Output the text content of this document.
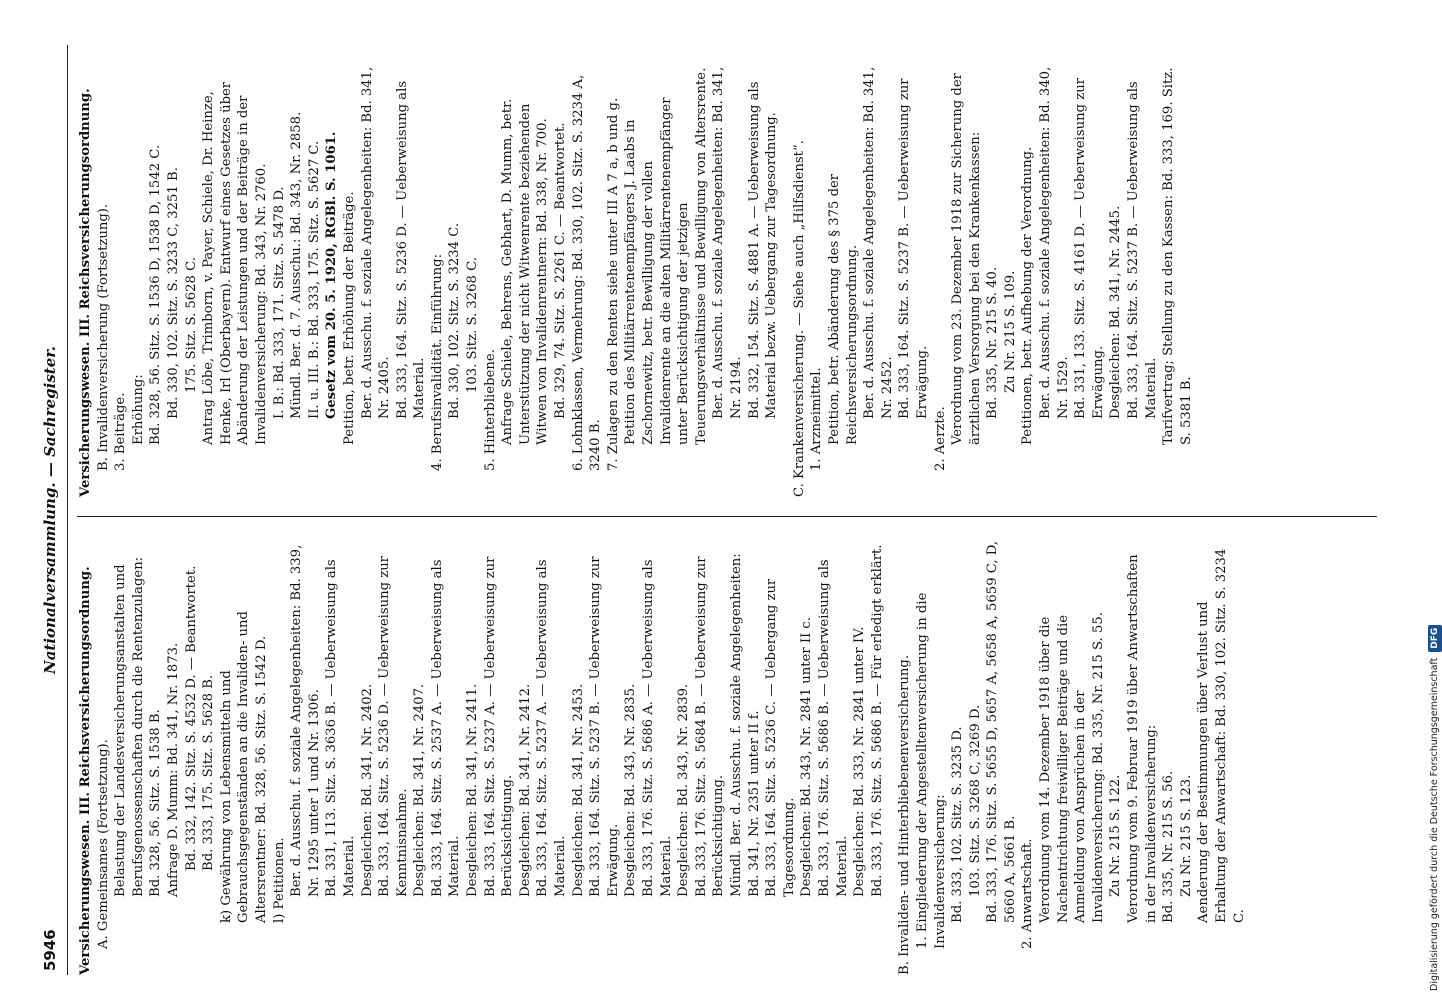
5946
Nationalversammlung. — Sachregister.
Versicherungswesen. III. Reichsversicherungsordnung. A. Gemeinsames (Fortsetzung). Belastung der Landesversicherungsanstalten und Berufsgenossenschaften durch die Rentenzulagen: Bd. 328, 56. Sitz. S. 1538 B. Anfrage D. Mumm: Bd. 341, Nr. 1873. Bd. 332, 142. Sitz. S. 4532 D. — Beantwortet. Bd. 333, 175. Sitz. S. 5628 B. k) Gewährung von Lebensmitteln und Gebrauchsgegenständen an die Invaliden- und Altersrentner: Bd. 328, 56. Sitz. S. 1542 D. l) Petitionen. Ber. d. Ausschu. f. soziale Angelegenheiten: Bd. 339, Nr. 1295 unter 1 und Nr. 1306. Bd. 331, 113. Sitz. S. 3636 B. — Ueberweisung als Material. Desgleichen: Bd. 341, Nr. 2402. Bd. 333, 164. Sitz. S. 5236 D. — Ueberweisung zur Kenntnisnahme. Desgleichen: Bd. 341, Nr. 2407. Bd. 333, 164. Sitz. S. 2537 A. — Ueberweisung als Material. Desgleichen: Bd. 341, Nr. 2411. Bd. 333, 164. Sitz. S. 5237 A. — Ueberweisung zur Berücksichtigung. Desgleichen: Bd. 341, Nr. 2412. Bd. 333, 164. Sitz. S. 5237 A. — Ueberweisung als Material. Desgleichen: Bd. 341, Nr. 2453. Bd. 333, 164. Sitz. S. 5237 B. — Ueberweisung zur Erwägung. Desgleichen: Bd. 343, Nr. 2835. Bd. 333, 176. Sitz. S. 5686 A. — Ueberweisung als Material. Desgleichen: Bd. 343, Nr. 2839. Bd. 333, 176. Sitz. S. 5684 B. — Ueberweisung zur Berücksichtigung. Mündl. Ber. d. Ausschu. f. soziale Angelegenheiten: Bd. 341, Nr. 2351 unter II f. Bd. 333, 164. Sitz. S. 5236 C. — Uebergang zur Tagesordnung. Desgleichen: Bd. 343, Nr. 2841 unter II c. Bd. 333, 176. Sitz. S. 5686 B. — Ueberweisung als Material. Desgleichen: Bd. 333, Nr. 2841 unter IV. Bd. 333, 176. Sitz. S. 5686 B. — Für erledigt erklärt. B. Invaliden- und Hinterbliebenenversicherung. 1. Eingliederung der Angestelltenversicherung in die Invalidenversicherung: Bd. 333, 102. Sitz. S. 3235 D. 103. Sitz. S. 3268 C, 3269 D. Bd. 333, 176. Sitz. S. 5655 D, 5657 A, 5658 A, 5659 C, D, 5660 A, 5661 B. 2. Anwartschaft. Verordnung vom 14. Dezember 1918 über die Nachentrichtung freiwilliger Beiträge und die Anmeldung von Ansprüchen in der Invalidenversicherung: Bd. 335, Nr. 215 S. 55. Zu Nr. 215 S. 122. Verordnung vom 9. Februar 1919 über Anwartschaften in der Invalidenversicherung: Bd. 335, Nr. 215 S. 56. Zu Nr. 215 S. 123. Aenderung der Bestimmungen über Verlust und Erhaltung der Anwartschaft: Bd. 330, 102. Sitz. S. 3234 C.
Versicherungswesen. III. Reichsversicherungsordnung. B. Invalidenversicherung (Fortsetzung). 3. Beiträge. Erhöhung: Bd. 328, 56. Sitz. S. 1536 D, 1538 D, 1542 C. Bd. 330, 102. Sitz. S. 3233 C, 3251 B. 175. Sitz. S. 5628 C. Antrag Löbe, Trimborn, v. Payer, Schiele, Dr. Heinze, Henke, Irl (Oberbayern). Entwurf eines Gesetzes über Abänderung der Leistungen und der Beiträge in der Invalidenversicherung: Bd. 343, Nr. 2760. I. B.: Bd. 333, 171. Sitz. S. 5478 D. Mündl. Ber. d. 7. Ausschu.: Bd. 343, Nr. 2858. II. u. III. B.: Bd. 333, 175. Sitz. S. 5627 C. Gesetz vom 20. 5. 1920, RGBl. S. 1061. Petition, betr. Erhöhung der Beiträge. Ber. d. Ausschu. f. soziale Angelegenheiten: Bd. 341, Nr. 2405. Bd. 333, 164. Sitz. S. 5236 D. — Ueberweisung als Material. 4. Berufsinvalidität. Einführung: Bd. 330, 102. Sitz. S. 3234 C. 103. Sitz. S. 3268 C.
5. Hinterbliebene. Anfrage Schiele, Behrens, Gebhart, D. Mumm, betr. Unterstützung der nicht Witwenrente beziehenden Witwen von Invalidenrentnern: Bd. 338, Nr. 700. Bd. 329, 74. Sitz. S. 2261 C. — Beantwortet. 6. Lohnklassen, Vermehrung: Bd. 330, 102. Sitz. S. 3234 A, 3240 B. 7. Zulagen zu den Renten siehe unter III A 7 a, b und g. Petition des Militärrentenempfängers J. Laabs in Zschornewitz, betr. Bewilligung der vollen Invalidenrente an die alten Militärrentenempfänger unter Berücksichtigung der jetzigen Teuerungsverhältnisse und Bewilligung von Altersrente. Ber. d. Ausschu. f. soziale Angelegenheiten: Bd. 341, Nr. 2194. Bd. 332, 154. Sitz. S. 4881 A. — Ueberweisung als Material bezw. Uebergang zur Tagesordnung. C. Krankenversicherung. — Siehe auch „Hilfsdienst“. 1. Arzneimittel. Petition, betr. Abänderung des § 375 der Reichsversicherungsordnung. Ber. d. Ausschu. f. soziale Angelegenheiten: Bd. 341, Nr. 2452. Bd. 333, 164. Sitz. S. 5237 B. — Ueberweisung zur Erwägung.
2. Aerzte. Verordnung vom 23. Dezember 1918 zur Sicherung der ärztlichen Versorgung bei den Krankenkassen: Bd. 335, Nr. 215 S. 40. Zu Nr. 215 S. 109. Petitionen, betr. Aufhebung der Verordnung. Ber. d. Ausschu. f. soziale Angelegenheiten: Bd. 340, Nr. 1529. Bd. 331, 133. Sitz. S. 4161 D. — Ueberweisung zur Erwägung. Desgleichen: Bd. 341, Nr. 2445. Bd. 333, 164. Sitz. S. 5237 B. — Ueberweisung als Material. Tarifvertrag; Stellung zu den Kassen: Bd. 333, 169. Sitz. S. 5381 B.
Digitalisierung gefördert durch die Deutsche ForschungsgemeinschaftDFG
